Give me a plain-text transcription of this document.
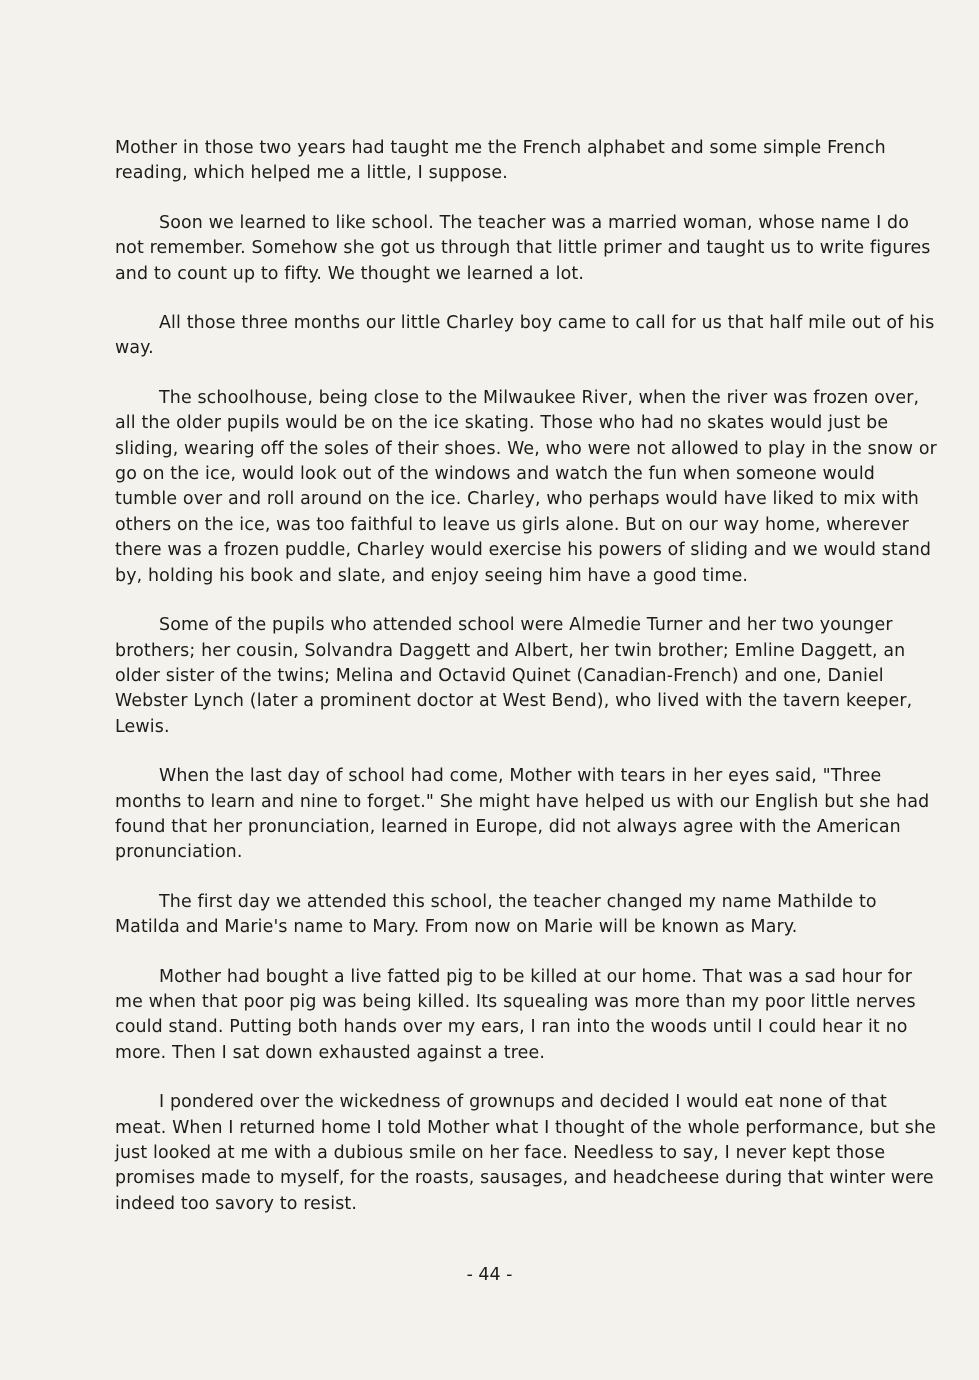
Mother in those two years had taught me the French alphabet and some simple French reading, which helped me a little, I suppose.

Soon we learned to like school. The teacher was a married woman, whose name I do not remember. Somehow she got us through that little primer and taught us to write figures and to count up to fifty. We thought we learned a lot.

All those three months our little Charley boy came to call for us that half mile out of his way.

The schoolhouse, being close to the Milwaukee River, when the river was frozen over, all the older pupils would be on the ice skating. Those who had no skates would just be sliding, wearing off the soles of their shoes. We, who were not allowed to play in the snow or go on the ice, would look out of the windows and watch the fun when someone would tumble over and roll around on the ice. Charley, who perhaps would have liked to mix with others on the ice, was too faithful to leave us girls alone. But on our way home, wherever there was a frozen puddle, Charley would exercise his powers of sliding and we would stand by, holding his book and slate, and enjoy seeing him have a good time.

Some of the pupils who attended school were Almedie Turner and her two younger brothers; her cousin, Solvandra Daggett and Albert, her twin brother; Emline Daggett, an older sister of the twins; Melina and Octavid Quinet (Canadian-French) and one, Daniel Webster Lynch (later a prominent doctor at West Bend), who lived with the tavern keeper, Lewis.

When the last day of school had come, Mother with tears in her eyes said, "Three months to learn and nine to forget." She might have helped us with our English but she had found that her pronunciation, learned in Europe, did not always agree with the American pronunciation.

The first day we attended this school, the teacher changed my name Mathilde to Matilda and Marie's name to Mary. From now on Marie will be known as Mary.

Mother had bought a live fatted pig to be killed at our home. That was a sad hour for me when that poor pig was being killed. Its squealing was more than my poor little nerves could stand. Putting both hands over my ears, I ran into the woods until I could hear it no more. Then I sat down exhausted against a tree.

I pondered over the wickedness of grownups and decided I would eat none of that meat. When I returned home I told Mother what I thought of the whole performance, but she just looked at me with a dubious smile on her face. Needless to say, I never kept those promises made to myself, for the roasts, sausages, and headcheese during that winter were indeed too savory to resist.

- 44 -
